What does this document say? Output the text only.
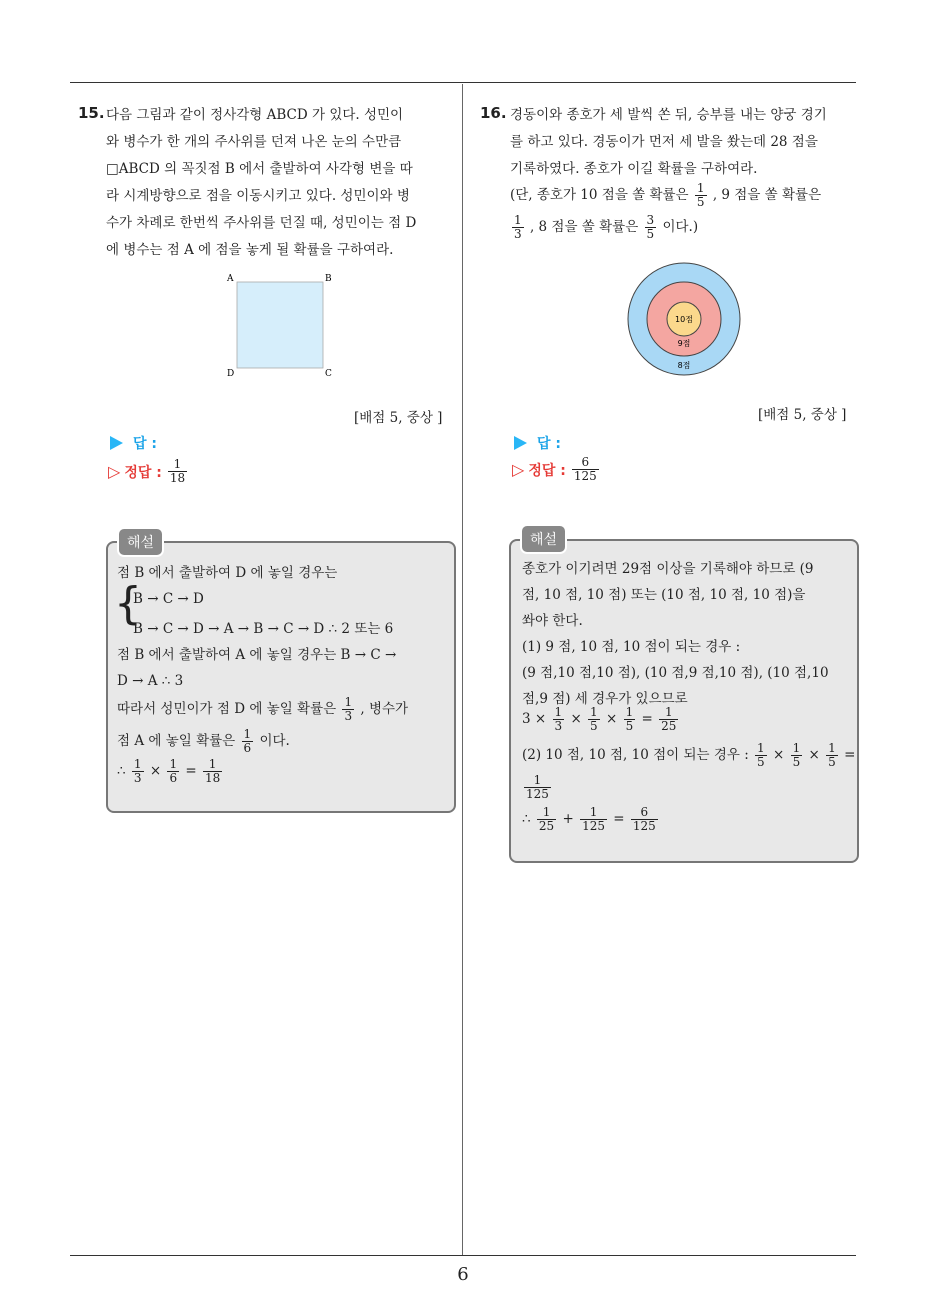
6
15. 다음 그림과 같이 정사각형 ABCD 가 있다. 성민이
와 병수가 한 개의 주사위를 던져 나온 눈의 수만큼
□ABCD 의 꼭짓점 B 에서 출발하여 사각형 변을 따
라 시계방향으로 점을 이동시키고 있다. 성민이와 병
수가 차례로 한번씩 주사위를 던질 때, 성민이는 점 D
에 병수는 점 A 에 점을 놓게 될 확률을 구하여라.
A	B
C
D
[배점 5, 중상 ]
답 :
▷ 정답 : $\frac{1}{18}$
해설
점 B 에서 출발하여 D 에 놓일 경우는
{
B → C → D
B → C → D → A → B → C → D ∴ 2 또는 6
점 B 에서 출발하여 A 에 놓일 경우는 B → C →
D → A ∴ 3
따라서 성민이가 점 D 에 놓일 확률은 $\frac{1}{3}$ , 병수가
점 A 에 놓일 확률은 $\frac{1}{6}$ 이다.
∴ $\frac{1}{3} \times \frac{1}{6} = \frac{1}{18}$
16. 경동이와 종호가 세 발씩 쏜 뒤, 승부를 내는 양궁 경기
를 하고 있다. 경동이가 먼저 세 발을 쐈는데 28 점을
기록하였다. 종호가 이길 확률을 구하여라.
(단, 종호가 10 점을 쏠 확률은 $\frac{1}{5}$ , 9 점을 쏠 확률은
$\frac{1}{3}$ , 8 점을 쏠 확률은 $\frac{3}{5}$ 이다.)
10점
9점
8점
[배점 5, 중상 ]
답 :
▷ 정답 : $\frac{6}{125}$
해설
종호가 이기려면 29점 이상을 기록해야 하므로 (9
점, 10 점, 10 점) 또는 (10 점, 10 점, 10 점)을
쏴야 한다.
(1) 9 점, 10 점, 10 점이 되는 경우 :
(9 점,10 점,10 점), (10 점,9 점,10 점), (10 점,10
점,9 점) 세 경우가 있으므로
$3 \times \frac{1}{3} \times \frac{1}{5} \times \frac{1}{5} = \frac{1}{25}$
(2) 10 점, 10 점, 10 점이 되는 경우 : $\frac{1}{5} \times \frac{1}{5} \times \frac{1}{5}$ =
$\frac{1}{125}$
∴ $\frac{1}{25} + \frac{1}{125} = \frac{6}{125}$
